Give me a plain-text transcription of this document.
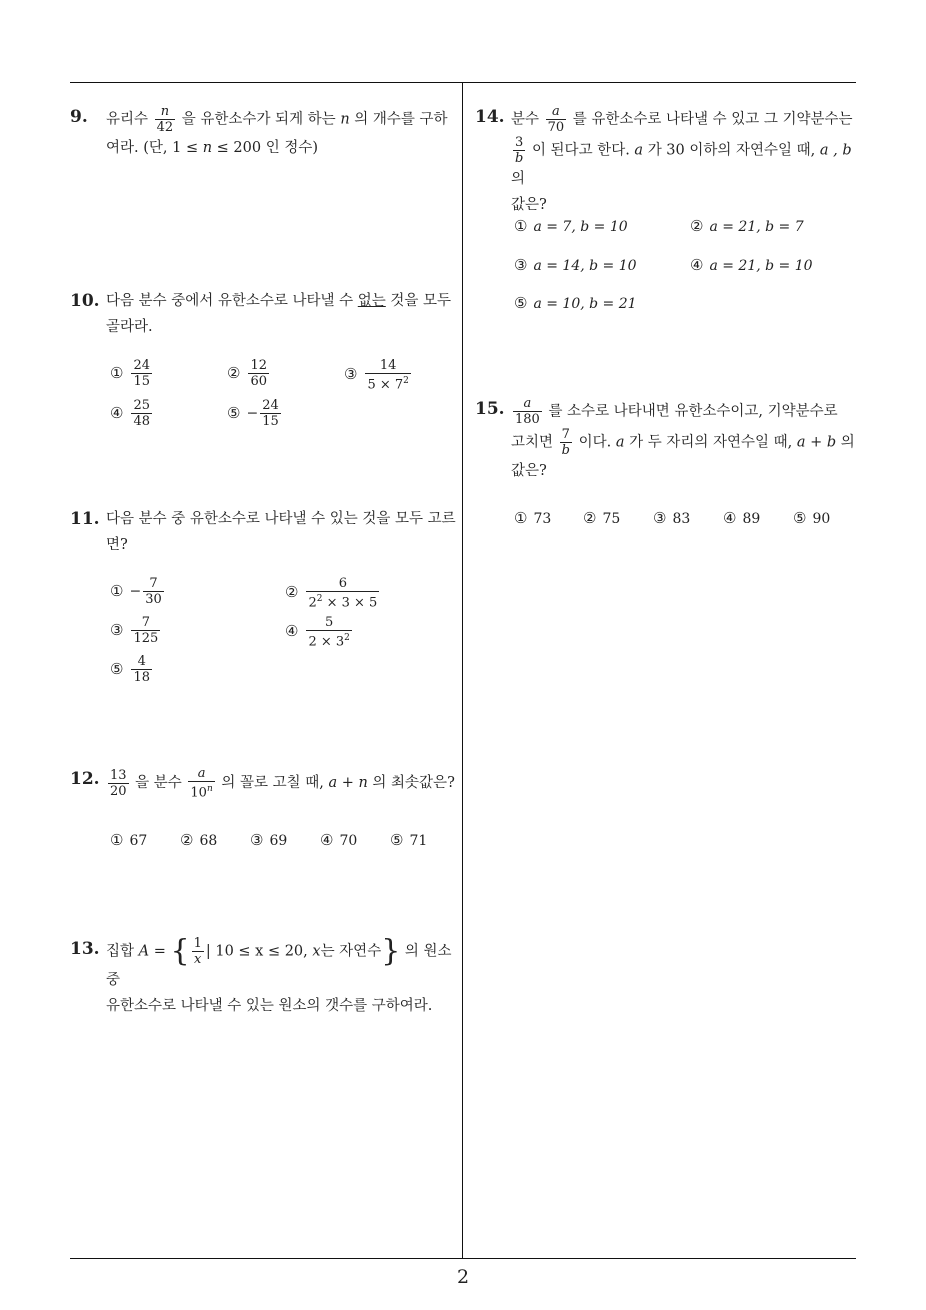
9. 유리수 $\frac{n}{42}$ 을 유한소수가 되게 하는 n 의 개수를 구하여라. (단, 1 ≤ n ≤ 200 인 정수)
10. 다음 분수 중에서 유한소수로 나타낼 수 없는 것을 모두 골라라.
① $\frac{24}{15}$	② $\frac{12}{60}$	③ $\frac{14}{5 \times 7^2}$
④ $\frac{25}{48}$	⑤ − $\frac{24}{15}$
11. 다음 분수 중 유한소수로 나타낼 수 있는 것을 모두 고르면?
① − $\frac{7}{30}$	② $\frac{6}{2^2 \times 3 \times 5}$
③ $\frac{7}{125}$	④ $\frac{5}{2 \times 3^2}$
⑤ $\frac{4}{18}$
12. $\frac{13}{20}$ 을 분수 $\frac{a}{10^n}$ 의 꼴로 고칠 때, a + n 의 최솟값은?
① 67 ② 68 ③ 69 ④ 70 ⑤ 71
13. 집합 A = { $\frac{1}{x}$ | 10 ≤ x ≤ 20, x는 자연수} 의 원소 중
유한소수로 나타낼 수 있는 원소의 갯수를 구하여라.
14. 분수 $\frac{a}{70}$ 를 유한소수로 나타낼 수 있고 그 기약분수는

$\frac{3}{b}$ 이 된다고 한다. a 가 30 이하의 자연수일 때, a , b의
값은?
① a = 7, b = 10	② a = 21, b = 7
③ a = 14, b = 10	④ a = 21, b = 10
⑤ a = 10, b = 21
15. $\frac{a}{180}$ 를 소수로 나타내면 유한소수이고, 기약분수로
고치면 $\frac{7}{b}$ 이다. a 가 두 자리의 자연수일 때, a + b 의
값은?
① 73 ② 75 ③ 83 ④ 89 ⑤ 90
2
